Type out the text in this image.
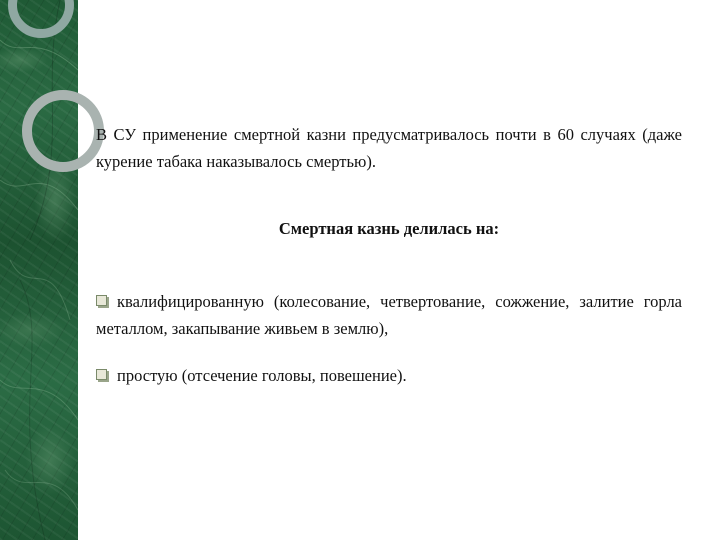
В СУ применение смертной казни предусматривалось почти в 60 случаях (даже курение табака наказывалось смертью).

Смертная казнь делилась на:

квалифицированную (колесование, четвертование, сожжение, залитие горла металлом, закапывание живьем в землю),

простую (отсечение головы, повешение).
